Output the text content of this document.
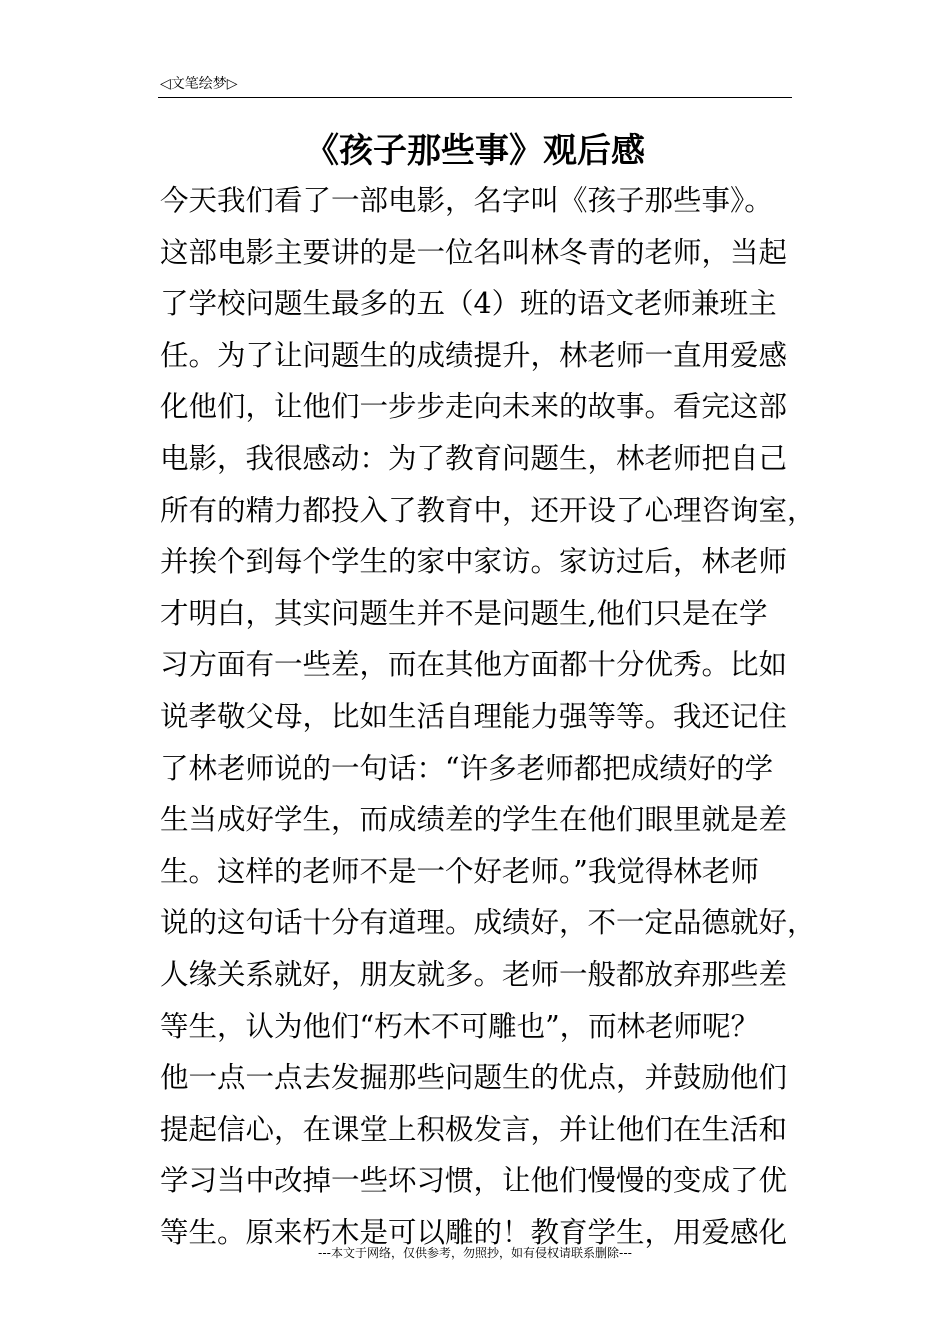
◁文笔绘梦▷
《孩子那些事》观后感
今天我们看了一部电影，名字叫《孩子那些事》。
这部电影主要讲的是一位名叫林冬青的老师，当起
了学校问题生最多的五（4）班的语文老师兼班主
任。为了让问题生的成绩提升，林老师一直用爱感
化他们，让他们一步步走向未来的故事。看完这部
电影，我很感动：为了教育问题生，林老师把自己
所有的精力都投入了教育中，还开设了心理咨询室，
并挨个到每个学生的家中家访。家访过后，林老师
才明白，其实问题生并不是问题生,他们只是在学
习方面有一些差，而在其他方面都十分优秀。比如
说孝敬父母，比如生活自理能力强等等。我还记住
了林老师说的一句话：“许多老师都把成绩好的学
生当成好学生，而成绩差的学生在他们眼里就是差
生。这样的老师不是一个好老师。”我觉得林老师
说的这句话十分有道理。成绩好，不一定品德就好，
人缘关系就好，朋友就多。老师一般都放弃那些差
等生，认为他们“朽木不可雕也”，而林老师呢？
他一点一点去发掘那些问题生的优点，并鼓励他们
提起信心，在课堂上积极发言，并让他们在生活和
学习当中改掉一些坏习惯，让他们慢慢的变成了优
等生。原来朽木是可以雕的！教育学生，用爱感化
---本文于网络，仅供参考，勿照抄，如有侵权请联系删除---
